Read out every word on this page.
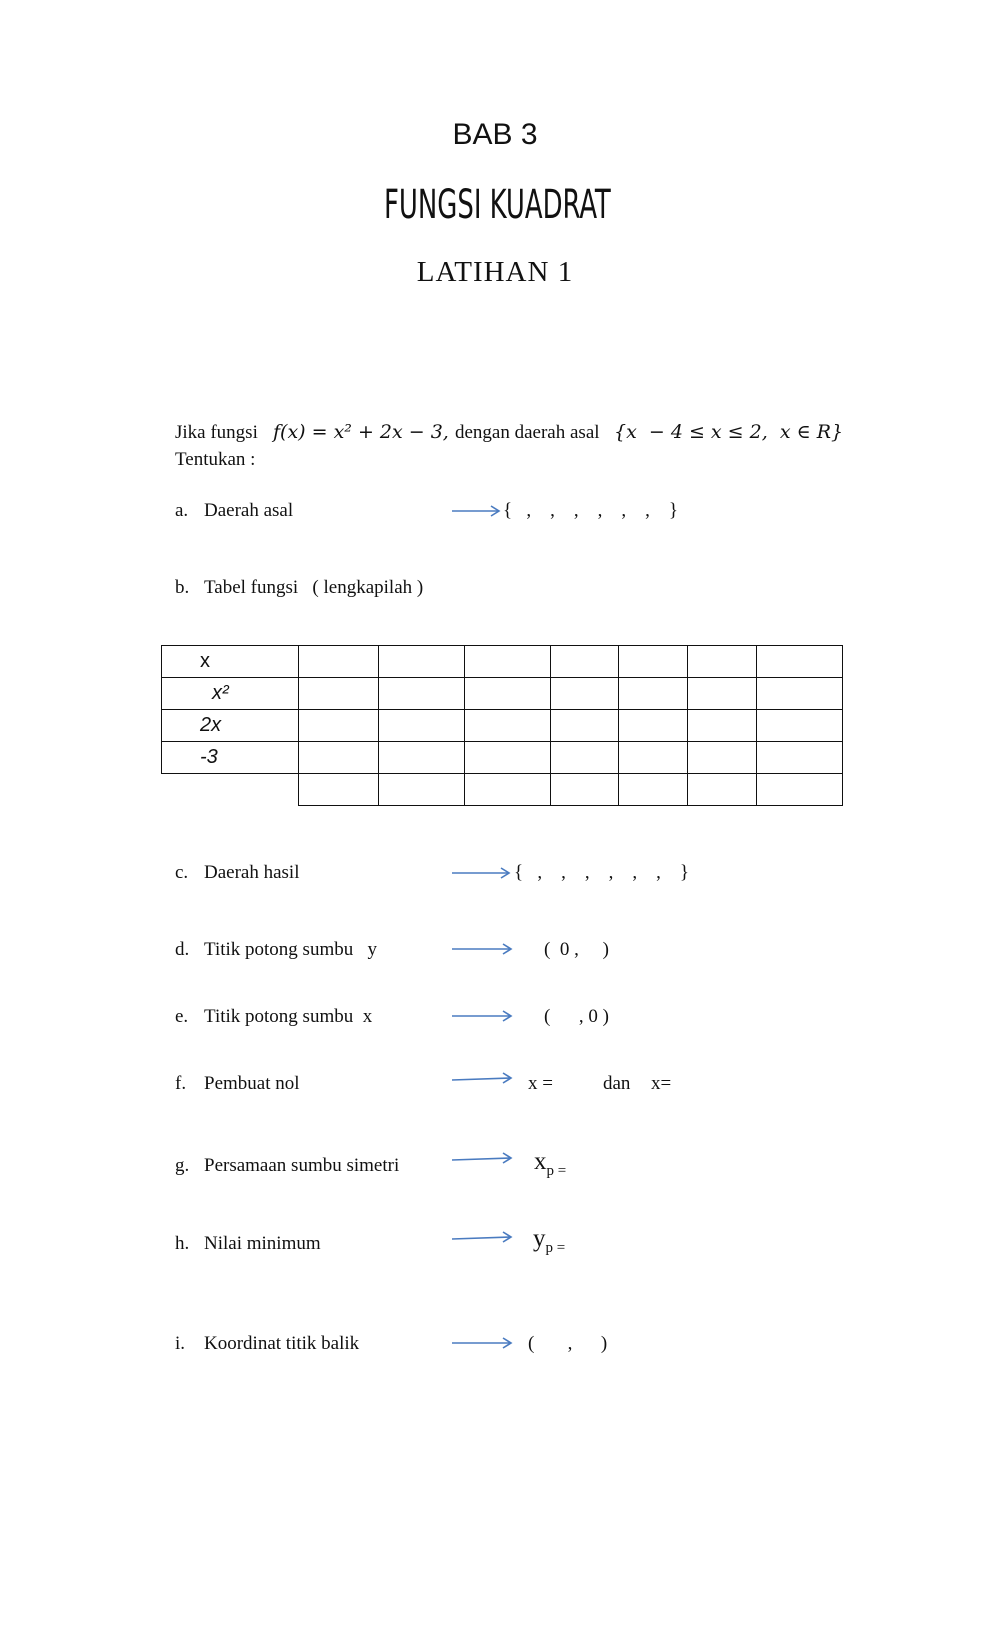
BAB 3
FUNGSI KUADRAT
LATIHAN 1
Jika fungsi f(x) = x² + 2x − 3, dengan daerah asal {x  − 4 ≤ x ≤ 2,  x ∈ R}
Tentukan :
a. Daerah asal	{   ,    ,    ,    ,    ,    ,    }
b. Tabel fungsi   ( lengkapilah )
x							
x²							
2x							
-3							

c. Daerah hasil	{   ,    ,    ,    ,    ,    ,    }
d. Titik potong sumbu   y	(  0 ,     )
e. Titik potong sumbu  x	(      , 0 )
f. Pembuat nol	x =	dan x=
g. Persamaan sumbu simetri	$x_{p =}$
h. Nilai minimum	$y_{p =}$
i. Koordinat titik balik	(       ,      )
